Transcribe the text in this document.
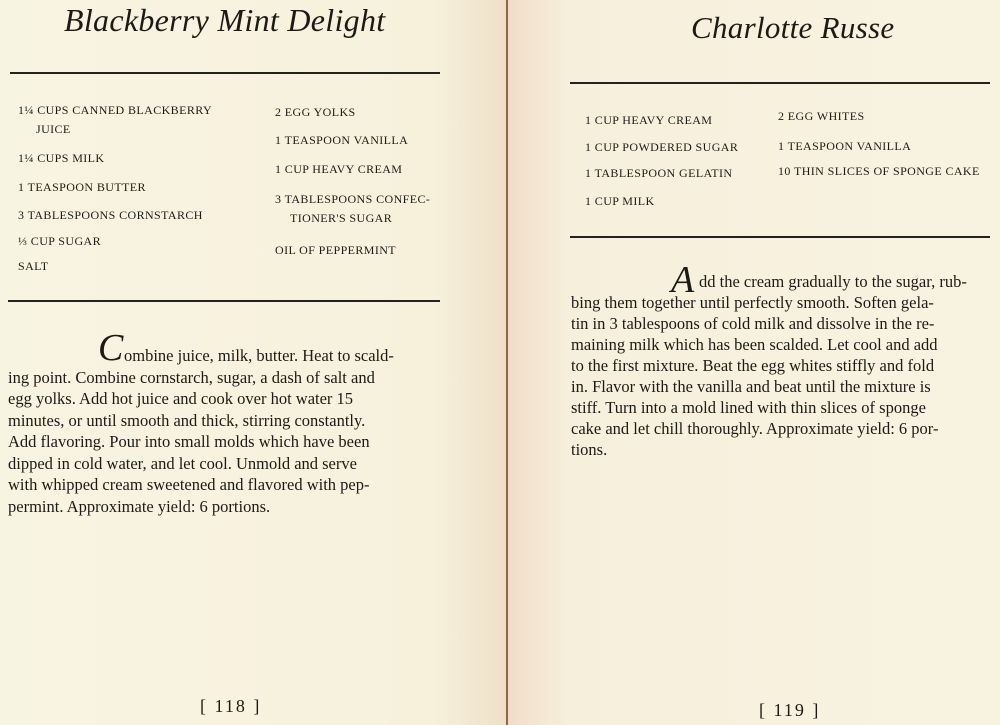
Blackberry Mint Delight
1¼ CUPS CANNED BLACKBERRY
JUICE
1¼ CUPS MILK
1 TEASPOON BUTTER
3 TABLESPOONS CORNSTARCH
⅓ CUP SUGAR
SALT
2 EGG YOLKS
1 TEASPOON VANILLA
1 CUP HEAVY CREAM
3 TABLESPOONS CONFEC-
TIONER'S SUGAR
OIL OF PEPPERMINT
C ombine juice, milk, butter. Heat to scald-
ing point. Combine cornstarch, sugar, a dash of salt and
egg yolks. Add hot juice and cook over hot water 15
minutes, or until smooth and thick, stirring constantly.
Add flavoring. Pour into small molds which have been
dipped in cold water, and let cool. Unmold and serve
with whipped cream sweetened and flavored with pep-
permint. Approximate yield: 6 portions.
[ 118 ]
Charlotte Russe
1 CUP HEAVY CREAM
1 CUP POWDERED SUGAR
1 TABLESPOON GELATIN
1 CUP MILK
2 EGG WHITES
1 TEASPOON VANILLA
10 THIN SLICES OF SPONGE CAKE
A dd the cream gradually to the sugar, rub-
bing them together until perfectly smooth. Soften gela-
tin in 3 tablespoons of cold milk and dissolve in the re-
maining milk which has been scalded. Let cool and add
to the first mixture. Beat the egg whites stiffly and fold
in. Flavor with the vanilla and beat until the mixture is
stiff. Turn into a mold lined with thin slices of sponge
cake and let chill thoroughly. Approximate yield: 6 por-
tions.
[ 119 ]
